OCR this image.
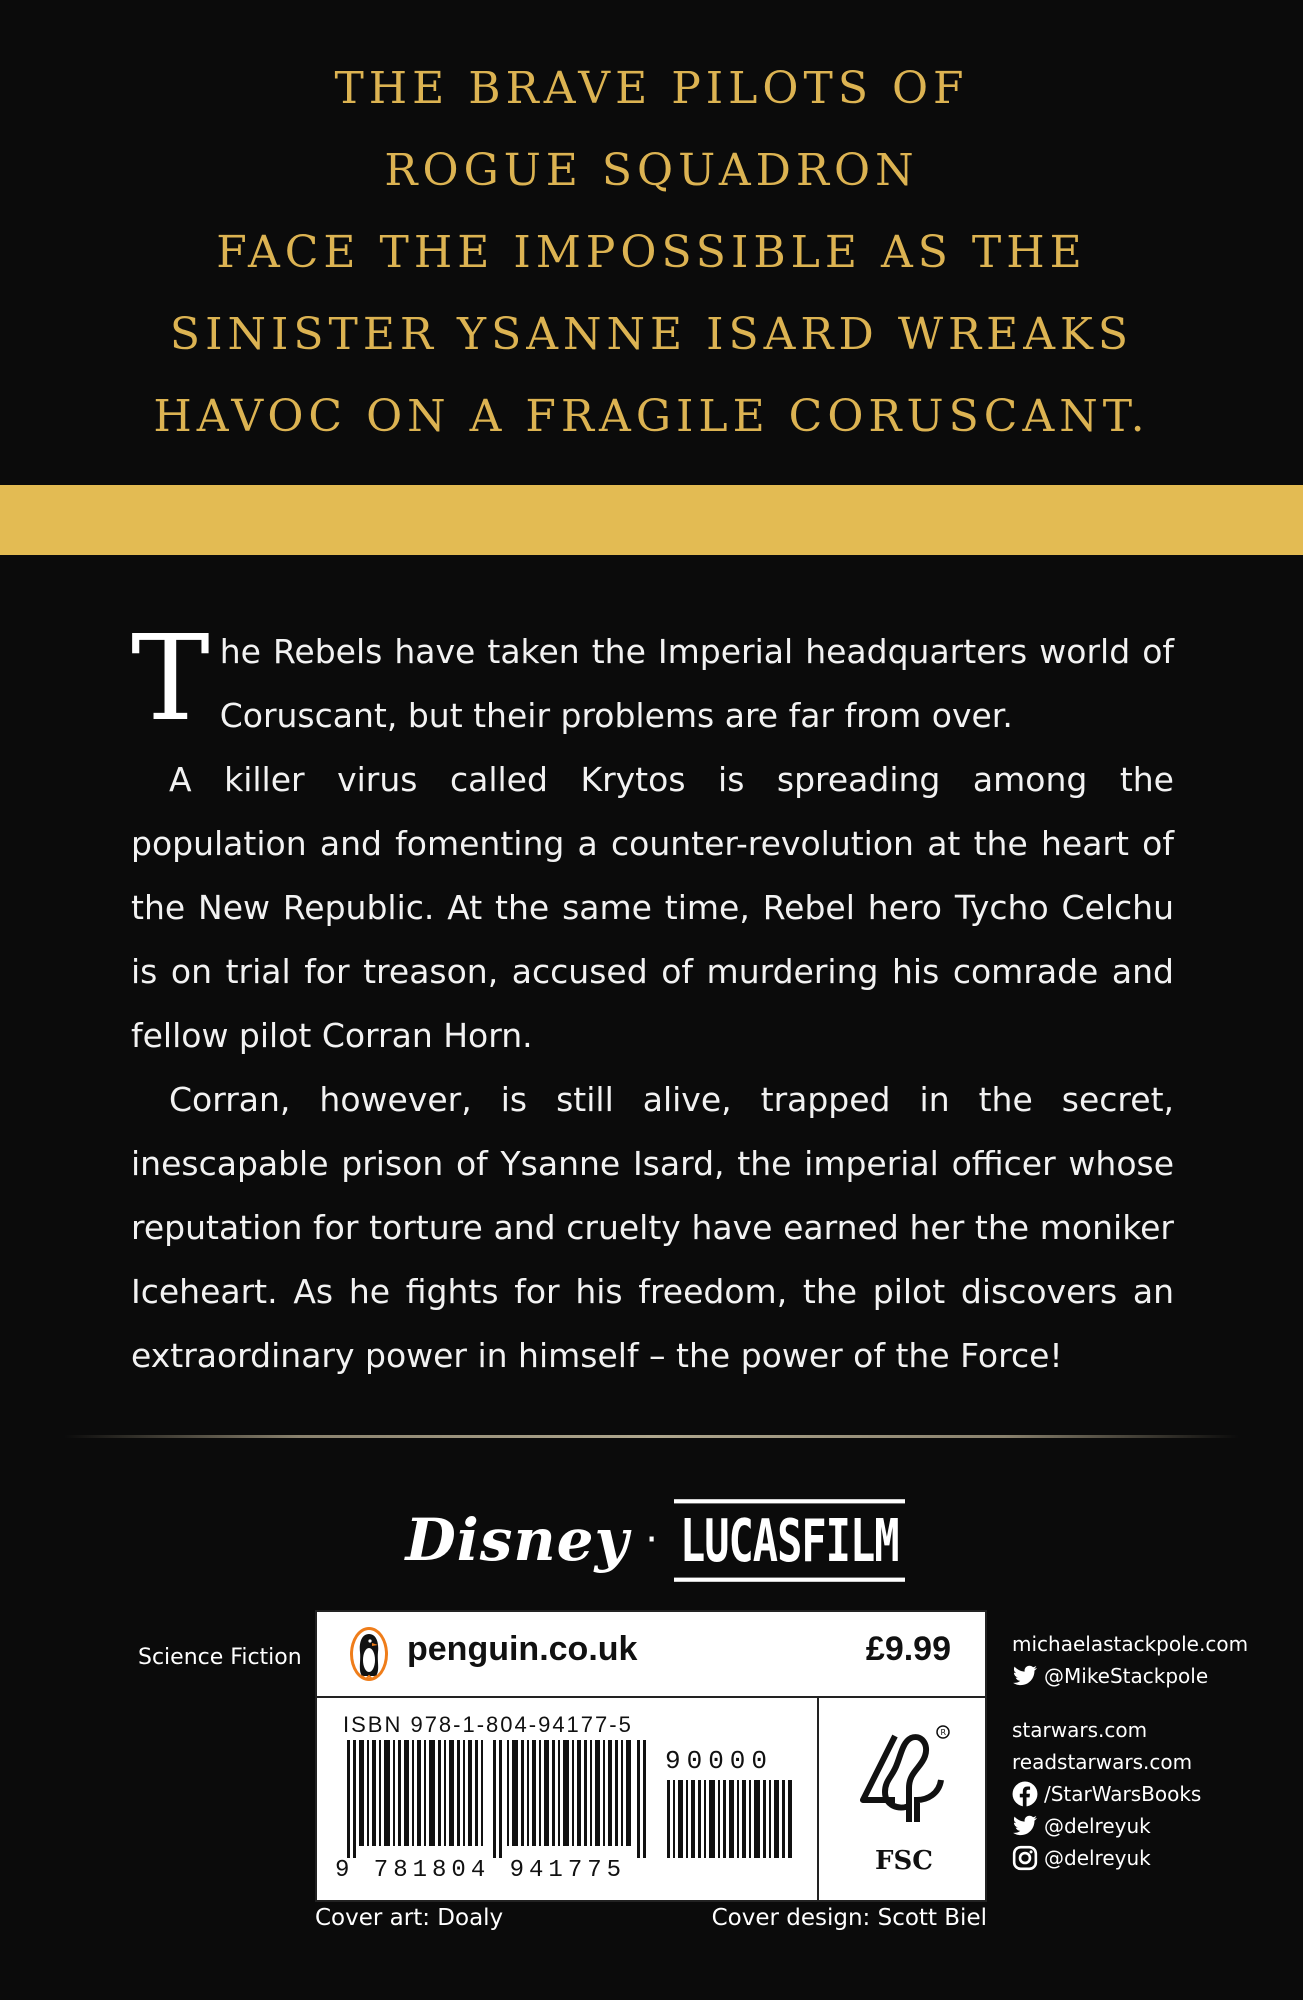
THE BRAVE PILOTS OF
ROGUE SQUADRON
FACE THE IMPOSSIBLE AS THE
SINISTER YSANNE ISARD WREAKS
HAVOC ON A FRAGILE CORUSCANT.

The Rebels have taken the Imperial headquarters world of Coruscant, but their problems are far from over.

A killer virus called Krytos is spreading among the population and fomenting a counter-revolution at the heart of the New Republic. At the same time, Rebel hero Tycho Celchu is on trial for treason, accused of murdering his comrade and fellow pilot Corran Horn.

Corran, however, is still alive, trapped in the secret, inescapable prison of Ysanne Isard, the imperial officer whose reputation for torture and cruelty have earned her the moniker Iceheart. As he fights for his freedom, the pilot discovers an extraordinary power in himself – the power of the Force!

Disney · LUCASFILM
Science Fiction	penguin.co.uk	£9.99
ISBN 978-1-804-94177-5
90000
9 781804 941775
R
FSC
Cover art: Doaly	Cover design: Scott Biel
michaelastackpole.com
@MikeStackpole
starwars.com
readstarwars.com
/StarWarsBooks
@delreyuk
@delreyuk
